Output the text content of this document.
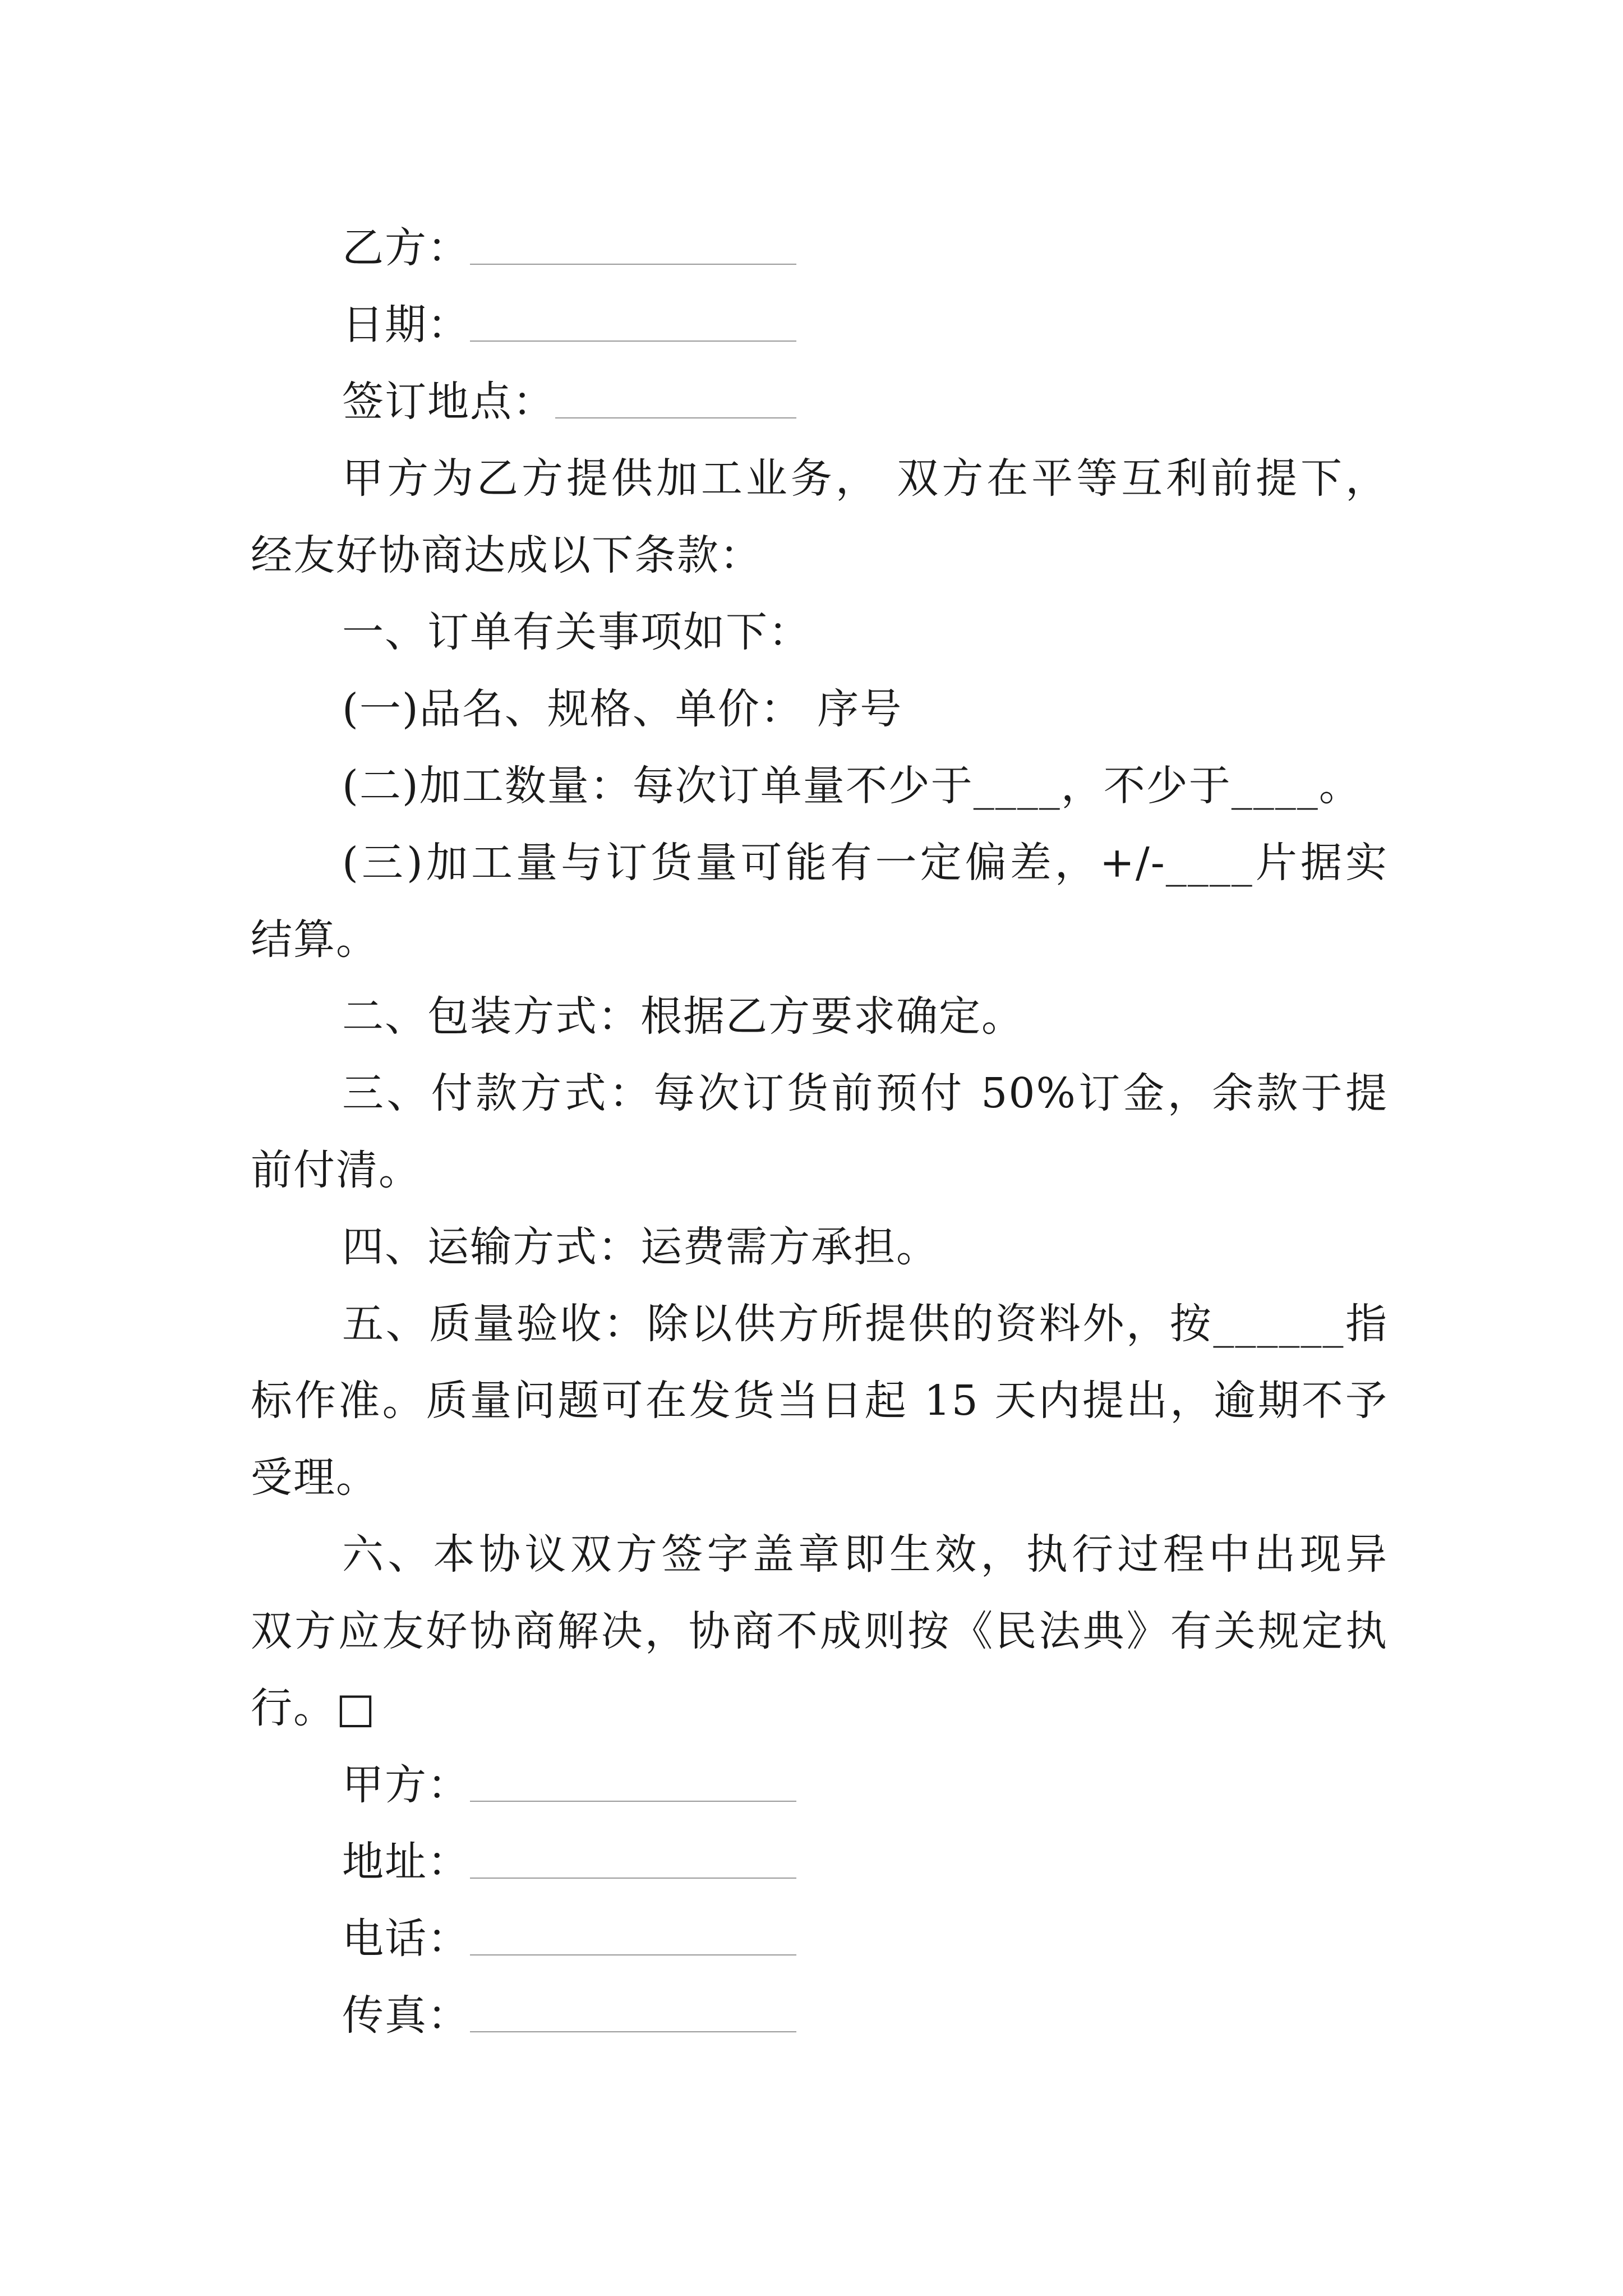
乙方：
日期：
签订地点：
甲方为乙方提供加工业务， 双方在平等互利前提下，
经友好协商达成以下条款：
一、订单有关事项如下：
(一)品名、规格、单价： 序号
(二)加工数量：每次订单量不少于____，不少于____。
(三)加工量与订货量可能有一定偏差，+/-____片据实
结算。
二、包装方式：根据乙方要求确定。
三、付款方式：每次订货前预付 50%订金，余款于提
前付清。
四、运输方式：运费需方承担。
五、质量验收：除以供方所提供的资料外，按______指
标作准。质量问题可在发货当日起 15 天内提出，逾期不予
受理。
六、本协议双方签字盖章即生效，执行过程中出现异
双方应友好协商解决，协商不成则按《民法典》有关规定执
行。□
甲方：
地址：
电话：
传真：
